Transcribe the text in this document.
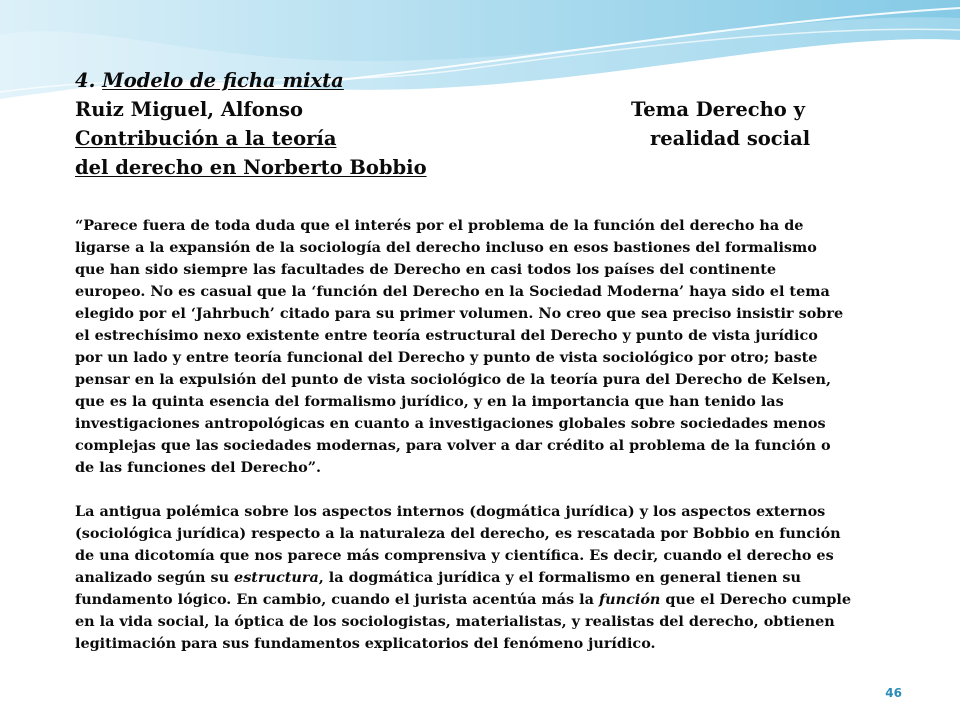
4. Modelo de ficha mixta
Ruiz Miguel, Alfonso	Tema Derecho y
Contribución a la teoría	realidad social
del derecho en Norberto Bobbio

“Parece fuera de toda duda que el interés por el problema de la función del derecho ha de

ligarse a la expansión de la sociología del derecho incluso en esos bastiones del formalismo

que han sido siempre las facultades de Derecho en casi todos los países del continente

europeo. No es casual que la ‘función del Derecho en la Sociedad Moderna’ haya sido el tema

elegido por el ‘Jahrbuch’ citado para su primer volumen. No creo que sea preciso insistir sobre

el estrechísimo nexo existente entre teoría estructural del Derecho y punto de vista jurídico

por un lado y entre teoría funcional del Derecho y punto de vista sociológico por otro; baste

pensar en la expulsión del punto de vista sociológico de la teoría pura del Derecho de Kelsen,

que es la quinta esencia del formalismo jurídico, y en la importancia que han tenido las

investigaciones antropológicas en cuanto a investigaciones globales sobre sociedades menos

complejas que las sociedades modernas, para volver a dar crédito al problema de la función o

de las funciones del Derecho”.

La antigua polémica sobre los aspectos internos (dogmática jurídica) y los aspectos externos

(sociológica jurídica) respecto a la naturaleza del derecho, es rescatada por Bobbio en función

de una dicotomía que nos parece más comprensiva y científica. Es decir, cuando el derecho es

analizado según su estructura, la dogmática jurídica y el formalismo en general tienen su

fundamento lógico. En cambio, cuando el jurista acentúa más la función que el Derecho cumple

en la vida social, la óptica de los sociologistas, materialistas, y realistas del derecho, obtienen

legitimación para sus fundamentos explicatorios del fenómeno jurídico.

46
